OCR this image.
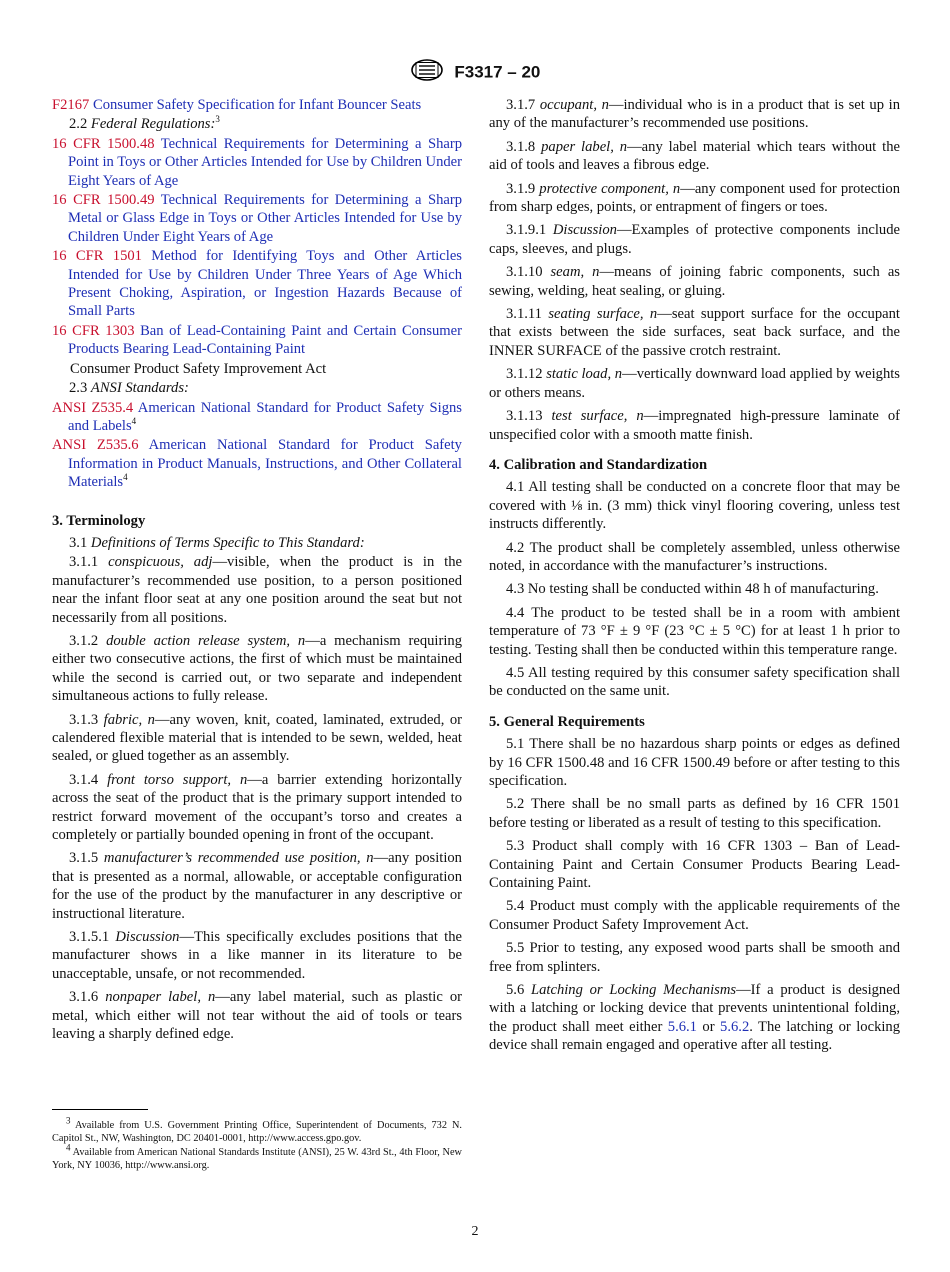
F3317 – 20

F2167 Consumer Safety Specification for Infant Bouncer Seats

2.2 Federal Regulations:$^3$

16 CFR 1500.48 Technical Requirements for Determining a Sharp Point in Toys or Other Articles Intended for Use by Children Under Eight Years of Age

16 CFR 1500.49 Technical Requirements for Determining a Sharp Metal or Glass Edge in Toys or Other Articles Intended for Use by Children Under Eight Years of Age

16 CFR 1501 Method for Identifying Toys and Other Articles Intended for Use by Children Under Three Years of Age Which Present Choking, Aspiration, or Ingestion Hazards Because of Small Parts

16 CFR 1303 Ban of Lead-Containing Paint and Certain Consumer Products Bearing Lead-Containing Paint

Consumer Product Safety Improvement Act

2.3 ANSI Standards:

ANSI Z535.4 American National Standard for Product Safety Signs and Labels$^4$

ANSI Z535.6 American National Standard for Product Safety Information in Product Manuals, Instructions, and Other Collateral Materials$^4$

3. Terminology

3.1 Definitions of Terms Specific to This Standard:

3.1.1 conspicuous, adj—visible, when the product is in the manufacturer’s recommended use position, to a person positioned near the infant floor seat at any one position around the seat but not necessarily from all positions.

3.1.2 double action release system, n—a mechanism requiring either two consecutive actions, the first of which must be maintained while the second is carried out, or two separate and independent simultaneous actions to fully release.

3.1.3 fabric, n—any woven, knit, coated, laminated, extruded, or calendered flexible material that is intended to be sewn, welded, heat sealed, or glued together as an assembly.

3.1.4 front torso support, n—a barrier extending horizontally across the seat of the product that is the primary support intended to restrict forward movement of the occupant’s torso and creates a completely or partially bounded opening in front of the occupant.

3.1.5 manufacturer’s recommended use position, n—any position that is presented as a normal, allowable, or acceptable configuration for the use of the product by the manufacturer in any descriptive or instructional literature.

3.1.5.1 Discussion—This specifically excludes positions that the manufacturer shows in a like manner in its literature to be unacceptable, unsafe, or not recommended.

3.1.6 nonpaper label, n—any label material, such as plastic or metal, which either will not tear without the aid of tools or tears leaving a sharply defined edge.

$^3$ Available from U.S. Government Printing Office, Superintendent of Documents, 732 N. Capitol St., NW, Washington, DC 20401-0001, http://www.access.gpo.gov.

$^4$ Available from American National Standards Institute (ANSI), 25 W. 43rd St., 4th Floor, New York, NY 10036, http://www.ansi.org.

3.1.7 occupant, n—individual who is in a product that is set up in any of the manufacturer’s recommended use positions.

3.1.8 paper label, n—any label material which tears without the aid of tools and leaves a fibrous edge.

3.1.9 protective component, n—any component used for protection from sharp edges, points, or entrapment of fingers or toes.

3.1.9.1 Discussion—Examples of protective components include caps, sleeves, and plugs.

3.1.10 seam, n—means of joining fabric components, such as sewing, welding, heat sealing, or gluing.

3.1.11 seating surface, n—seat support surface for the occupant that exists between the side surfaces, seat back surface, and the INNER SURFACE of the passive crotch restraint.

3.1.12 static load, n—vertically downward load applied by weights or others means.

3.1.13 test surface, n—impregnated high-pressure laminate of unspecified color with a smooth matte finish.

4. Calibration and Standardization

4.1 All testing shall be conducted on a concrete floor that may be covered with ⅛ in. (3 mm) thick vinyl flooring covering, unless test instructs differently.

4.2 The product shall be completely assembled, unless otherwise noted, in accordance with the manufacturer’s instructions.

4.3 No testing shall be conducted within 48 h of manufacturing.

4.4 The product to be tested shall be in a room with ambient temperature of 73 °F ± 9 °F (23 °C ± 5 °C) for at least 1 h prior to testing. Testing shall then be conducted within this temperature range.

4.5 All testing required by this consumer safety specification shall be conducted on the same unit.

5. General Requirements

5.1 There shall be no hazardous sharp points or edges as defined by 16 CFR 1500.48 and 16 CFR 1500.49 before or after testing to this specification.

5.2 There shall be no small parts as defined by 16 CFR 1501 before testing or liberated as a result of testing to this specification.

5.3 Product shall comply with 16 CFR 1303 – Ban of Lead-Containing Paint and Certain Consumer Products Bearing Lead-Containing Paint.

5.4 Product must comply with the applicable requirements of the Consumer Product Safety Improvement Act.

5.5 Prior to testing, any exposed wood parts shall be smooth and free from splinters.

5.6 Latching or Locking Mechanisms—If a product is designed with a latching or locking device that prevents unintentional folding, the product shall meet either 5.6.1 or 5.6.2. The latching or locking device shall remain engaged and operative after all testing.

2
